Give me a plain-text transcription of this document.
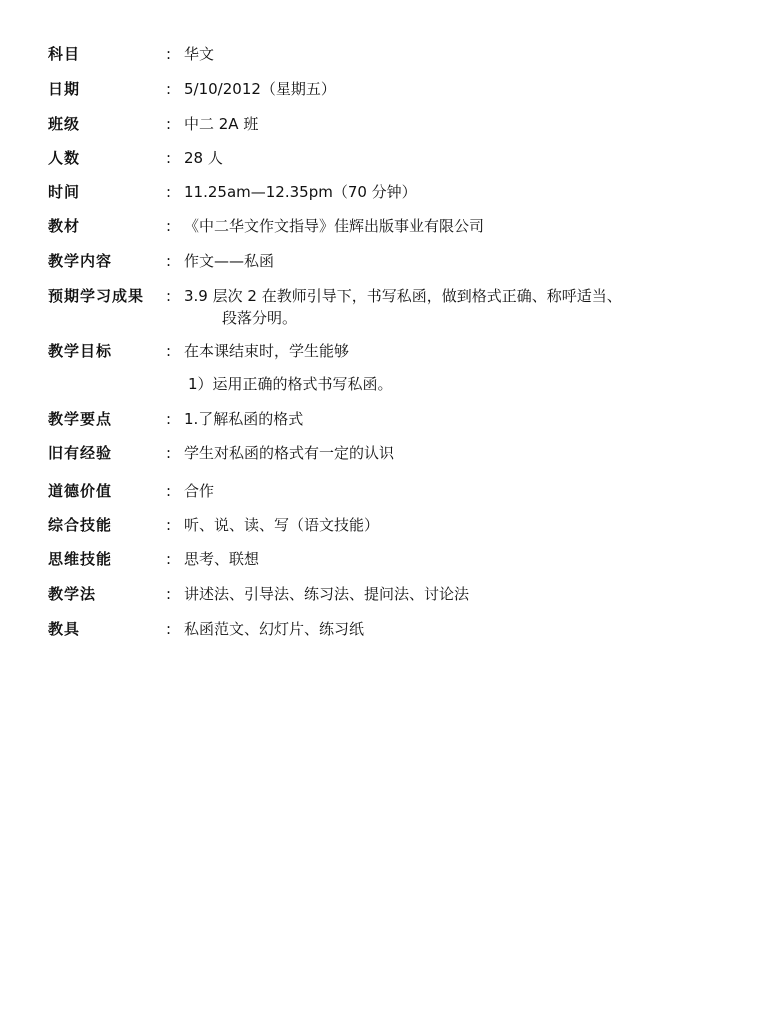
科目	: 华文
日期	: 5/10/2012（星期五）
班级	: 中二 2A 班
人数	: 28 人
时间	: 11.25am—12.35pm（70 分钟）
教材	: 《中二华文作文指导》佳辉出版事业有限公司
教学内容	: 作文——私函
预期学习成果 : 3.9 层次 2 在教师引导下，书写私函，做到格式正确、称呼适当、
段落分明。
教学目标	: 在本课结束时，学生能够
1）运用正确的格式书写私函。
教学要点	: 1.了解私函的格式
旧有经验	: 学生对私函的格式有一定的认识
道德价值	: 合作
综合技能	: 听、说、读、写（语文技能）
思维技能	: 思考、联想
教学法	: 讲述法、引导法、练习法、提问法、讨论法
教具	: 私函范文、幻灯片、练习纸
